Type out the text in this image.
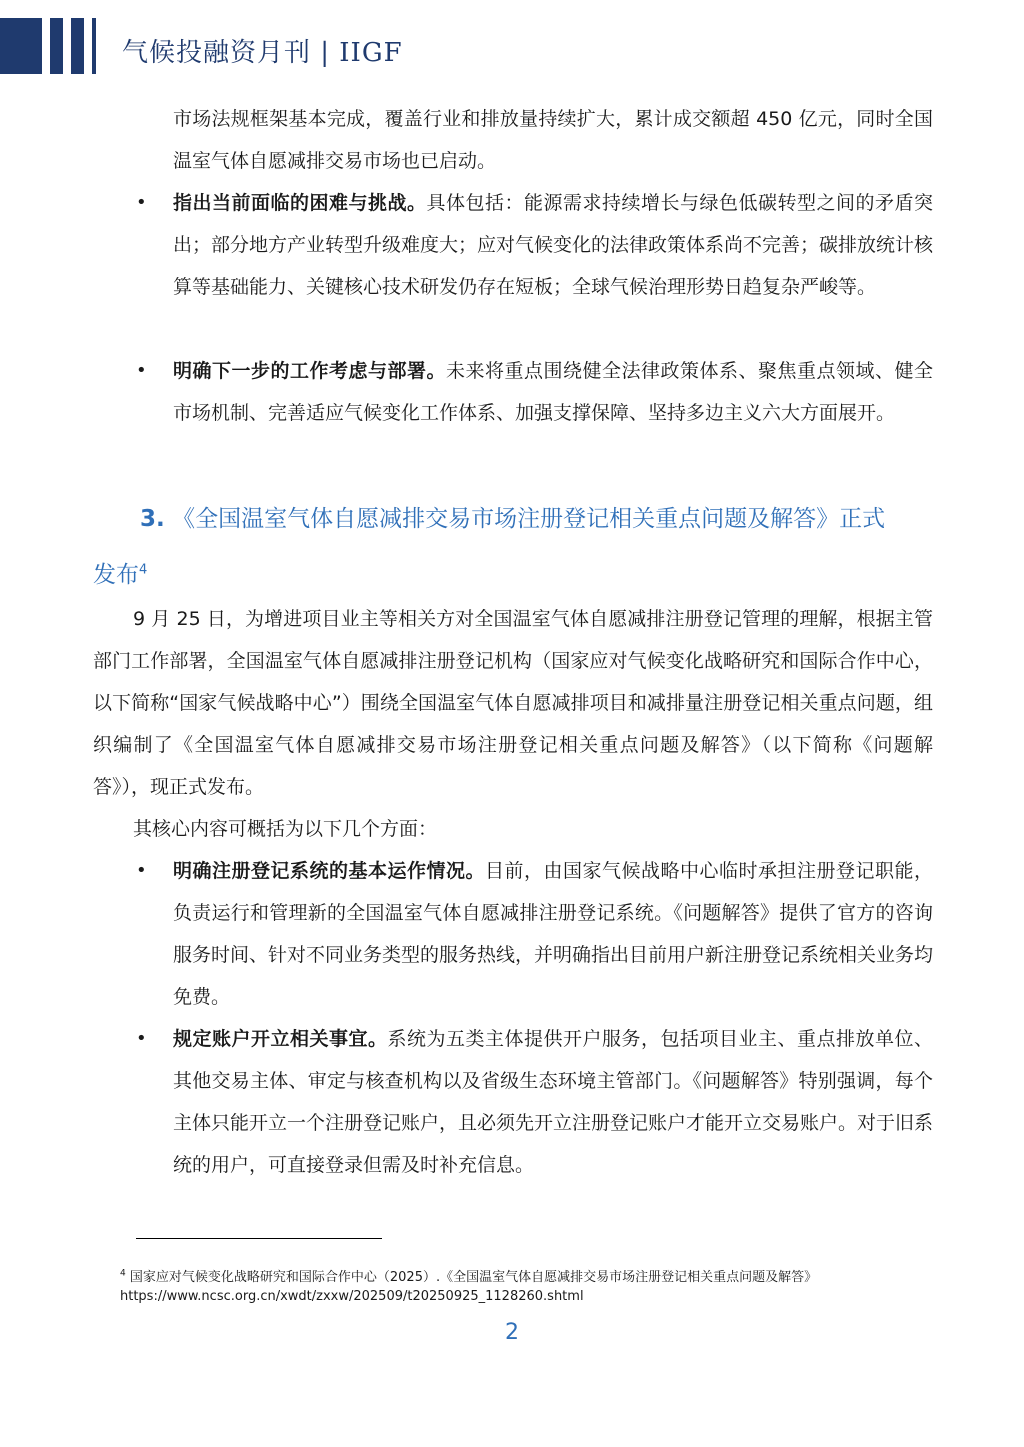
气候投融资月刊 | IIGF
市场法规框架基本完成，覆盖行业和排放量持续扩大，累计成交额超 450 亿元，同时全国温室气体自愿减排交易市场也已启动。
• 指出当前面临的困难与挑战。具体包括：能源需求持续增长与绿色低碳转型之间的矛盾突出；部分地方产业转型升级难度大；应对气候变化的法律政策体系尚不完善；碳排放统计核算等基础能力、关键核心技术研发仍存在短板；全球气候治理形势日趋复杂严峻等。
• 明确下一步的工作考虑与部署。未来将重点围绕健全法律政策体系、聚焦重点领域、健全市场机制、完善适应气候变化工作体系、加强支撑保障、坚持多边主义六大方面展开。
3. 《全国温室气体自愿减排交易市场注册登记相关重点问题及解答》正式
发布$^4$
9 月 25 日，为增进项目业主等相关方对全国温室气体自愿减排注册登记管理的理解，根据主管部门工作部署，全国温室气体自愿减排注册登记机构（国家应对气候变化战略研究和国际合作中心，以下简称“国家气候战略中心”）围绕全国温室气体自愿减排项目和减排量注册登记相关重点问题，组织编制了《全国温室气体自愿减排交易市场注册登记相关重点问题及解答》（以下简称《问题解答》），现正式发布。
其核心内容可概括为以下几个方面：
• 明确注册登记系统的基本运作情况。目前，由国家气候战略中心临时承担注册登记职能，负责运行和管理新的全国温室气体自愿减排注册登记系统。《问题解答》提供了官方的咨询服务时间、针对不同业务类型的服务热线，并明确指出目前用户新注册登记系统相关业务均免费。
• 规定账户开立相关事宜。系统为五类主体提供开户服务，包括项目业主、重点排放单位、其他交易主体、审定与核查机构以及省级生态环境主管部门。《问题解答》特别强调，每个主体只能开立一个注册登记账户，且必须先开立注册登记账户才能开立交易账户。对于旧系统的用户，可直接登录但需及时补充信息。
$^4$ 国家应对气候变化战略研究和国际合作中心（2025）.《全国温室气体自愿减排交易市场注册登记相关重点问题及解答》
https://www.ncsc.org.cn/xwdt/zxxw/202509/t20250925_1128260.shtml
2
